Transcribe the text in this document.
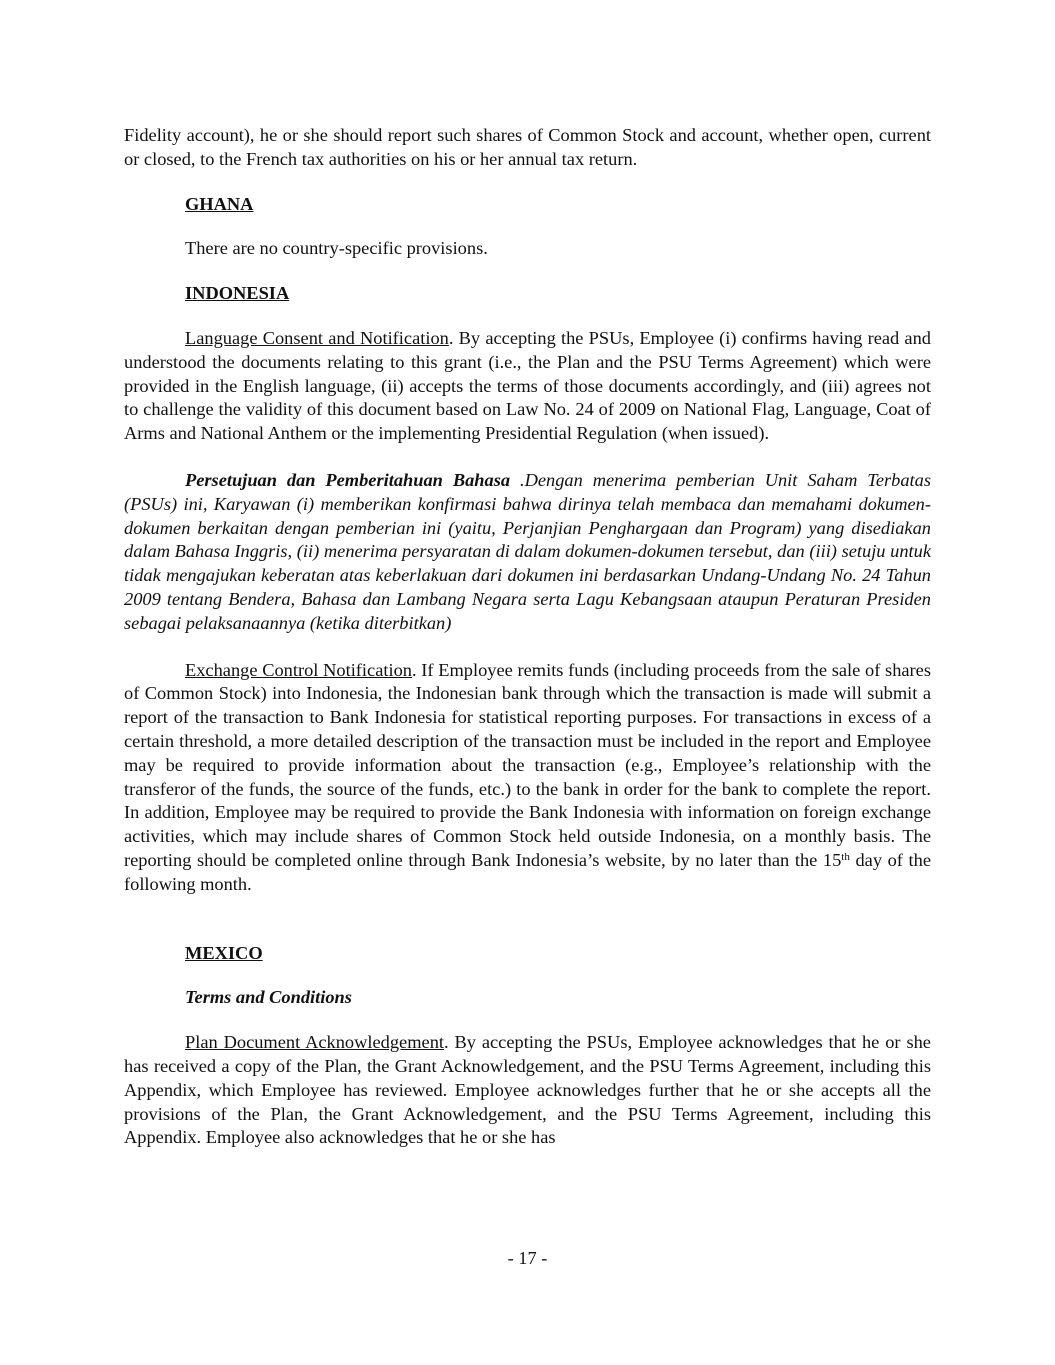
Fidelity account), he or she should report such shares of Common Stock and account, whether open, current or closed, to the French tax authorities on his or her annual tax return.

GHANA

There are no country-specific provisions.

INDONESIA

Language Consent and Notification. By accepting the PSUs, Employee (i) confirms having read and understood the documents relating to this grant (i.e., the Plan and the PSU Terms Agreement) which were provided in the English language, (ii) accepts the terms of those documents accordingly, and (iii) agrees not to challenge the validity of this document based on Law No. 24 of 2009 on National Flag, Language, Coat of Arms and National Anthem or the implementing Presidential Regulation (when issued).

Persetujuan dan Pemberitahuan Bahasa .Dengan menerima pemberian Unit Saham Terbatas (PSUs) ini, Karyawan (i) memberikan konfirmasi bahwa dirinya telah membaca dan memahami dokumen-dokumen berkaitan dengan pemberian ini (yaitu, Perjanjian Penghargaan dan Program) yang disediakan dalam Bahasa Inggris, (ii) menerima persyaratan di dalam dokumen-dokumen tersebut, dan (iii) setuju untuk tidak mengajukan keberatan atas keberlakuan dari dokumen ini berdasarkan Undang-Undang No. 24 Tahun 2009 tentang Bendera, Bahasa dan Lambang Negara serta Lagu Kebangsaan ataupun Peraturan Presiden sebagai pelaksanaannya (ketika diterbitkan)

Exchange Control Notification. If Employee remits funds (including proceeds from the sale of shares of Common Stock) into Indonesia, the Indonesian bank through which the transaction is made will submit a report of the transaction to Bank Indonesia for statistical reporting purposes. For transactions in excess of a certain threshold, a more detailed description of the transaction must be included in the report and Employee may be required to provide information about the transaction (e.g., Employee’s relationship with the transferor of the funds, the source of the funds, etc.) to the bank in order for the bank to complete the report. In addition, Employee may be required to provide the Bank Indonesia with information on foreign exchange activities, which may include shares of Common Stock held outside Indonesia, on a monthly basis. The reporting should be completed online through Bank Indonesia’s website, by no later than the 15th day of the following month.

MEXICO

Terms and Conditions

Plan Document Acknowledgement. By accepting the PSUs, Employee acknowledges that he or she has received a copy of the Plan, the Grant Acknowledgement, and the PSU Terms Agreement, including this Appendix, which Employee has reviewed. Employee acknowledges further that he or she accepts all the provisions of the Plan, the Grant Acknowledgement, and the PSU Terms Agreement, including this Appendix. Employee also acknowledges that he or she has

- 17 -
